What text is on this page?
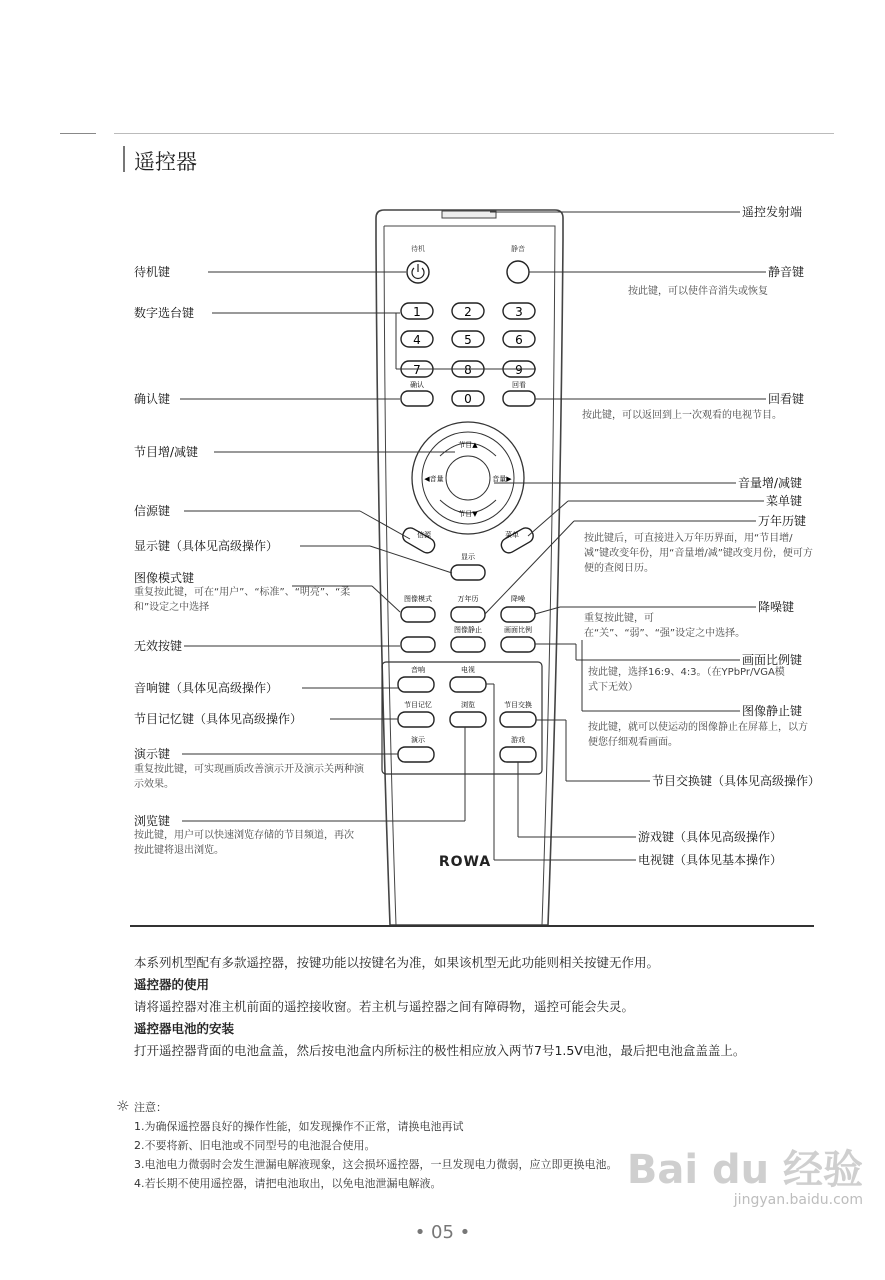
遥控器
待机	静音
1	2	3
4	5	6
7	8	9
确认
0
回看
节目▲
节目▼
◀音量	音量▶
信源
显示
菜单
图像模式	万年历	降噪
图像静止	画面比例
音响	电视
节目记忆	浏览	节目交换
演示	游戏
ROWA
待机键
数字选台键
确认键
节目增/减键
信源键
显示键（具体见高级操作）
图像模式键
重复按此键，可在“用户”、“标准”、“明亮”、“柔和”设定之中选择
无效按键
音响键（具体见高级操作）
节目记忆键（具体见高级操作）
演示键
重复按此键，可实现画质改善演示开及演示关两种演示效果。
浏览键
按此键，用户可以快速浏览存储的节目频道，再次按此键将退出浏览。
遥控发射端
静音键
按此键，可以使伴音消失或恢复
回看键
按此键，可以返回到上一次观看的电视节目。
音量增/减键
菜单键
万年历键
按此键后，可直接进入万年历界面，用“节目增/减”键改变年份，用“音量增/减”键改变月份，便可方便的查阅日历。
降噪键
重复按此键，可在“关”、“弱”、“强”设定之中选择。
画面比例键
按此键，选择16:9、4:3。（在YPbPr/VGA模式下无效）
图像静止键
按此键，就可以使运动的图像静止在屏幕上，以方便您仔细观看画面。
节目交换键（具体见高级操作）
游戏键（具体见高级操作）
电视键（具体见基本操作）
本系列机型配有多款遥控器，按键功能以按键名为准，如果该机型无此功能则相关按键无作用。
遥控器的使用
请将遥控器对准主机前面的遥控接收窗。若主机与遥控器之间有障碍物，遥控可能会失灵。
遥控器电池的安装
打开遥控器背面的电池盒盖，然后按电池盒内所标注的极性相应放入两节7号1.5V电池，最后把电池盒盖盖上。
☼ 注意：
1.为确保遥控器良好的操作性能，如发现操作不正常，请换电池再试
2.不要将新、旧电池或不同型号的电池混合使用。
3.电池电力微弱时会发生泄漏电解液现象，这会损坏遥控器，一旦发现电力微弱，应立即更换电池。
4.若长期不使用遥控器，请把电池取出，以免电池泄漏电解液。
• 05 •
Bai du 经验
jingyan.baidu.com
